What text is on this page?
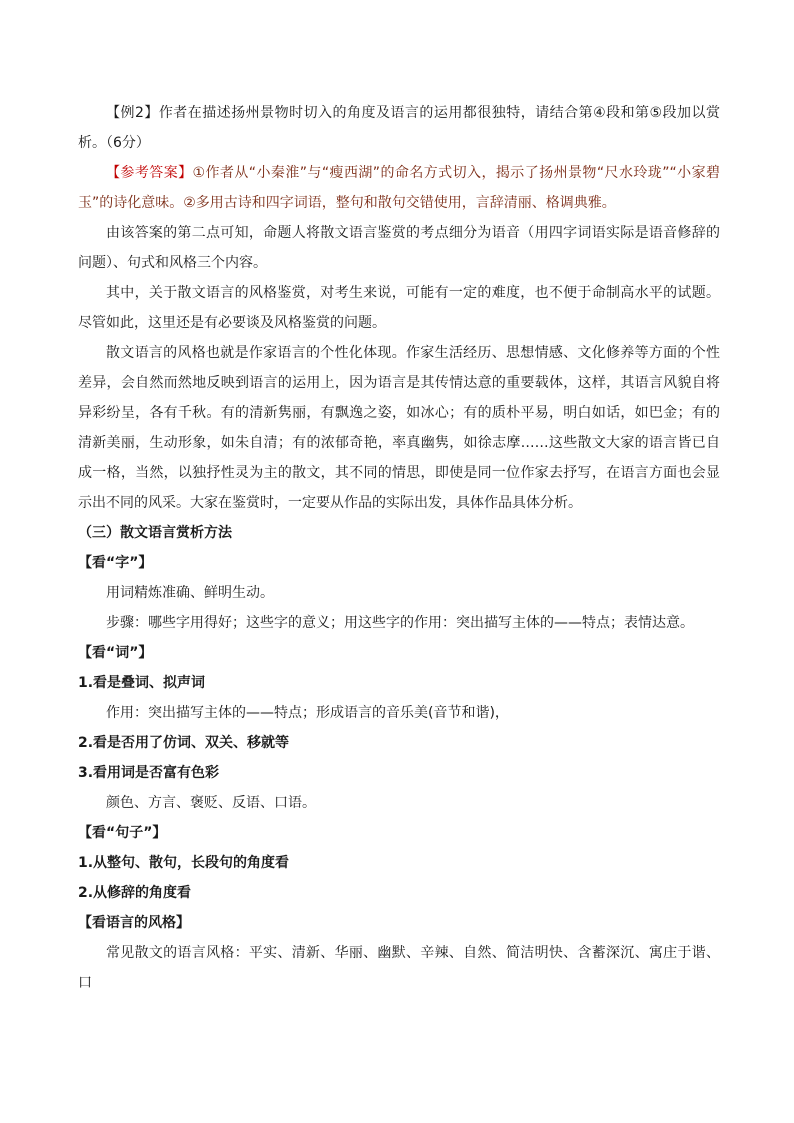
【例2】作者在描述扬州景物时切入的角度及语言的运用都很独特，请结合第④段和第⑤段加以赏析。（6分）

【参考答案】①作者从“小秦淮”与“瘦西湖”的命名方式切入，揭示了扬州景物“尺水玲珑”“小家碧玉”的诗化意味。②多用古诗和四字词语，整句和散句交错使用，言辞清丽、格调典雅。

由该答案的第二点可知，命题人将散文语言鉴赏的考点细分为语音（用四字词语实际是语音修辞的问题）、句式和风格三个内容。

其中，关于散文语言的风格鉴赏，对考生来说，可能有一定的难度，也不便于命制高水平的试题。尽管如此，这里还是有必要谈及风格鉴赏的问题。

散文语言的风格也就是作家语言的个性化体现。作家生活经历、思想情感、文化修养等方面的个性差异，会自然而然地反映到语言的运用上，因为语言是其传情达意的重要载体，这样，其语言风貌自将异彩纷呈，各有千秋。有的清新隽丽，有飘逸之姿，如冰心；有的质朴平易，明白如话，如巴金；有的清新美丽，生动形象，如朱自清；有的浓郁奇艳，率真幽隽，如徐志摩……这些散文大家的语言皆已自成一格，当然，以独抒性灵为主的散文，其不同的情思，即使是同一位作家去抒写，在语言方面也会显示出不同的风采。大家在鉴赏时，一定要从作品的实际出发，具体作品具体分析。

（三）散文语言赏析方法

【看“字”】

用词精炼准确、鲜明生动。

步骤：哪些字用得好；这些字的意义；用这些字的作用：突出描写主体的——特点；表情达意。

【看“词”】

1.看是叠词、拟声词

作用：突出描写主体的——特点；形成语言的音乐美(音节和谐)，

2.看是否用了仿词、双关、移就等

3.看用词是否富有色彩

颜色、方言、褒贬、反语、口语。

【看“句子”】

1.从整句、散句，长段句的角度看

2.从修辞的角度看

【看语言的风格】

常见散文的语言风格：平实、清新、华丽、幽默、辛辣、自然、简洁明快、含蓄深沉、寓庄于谐、口
